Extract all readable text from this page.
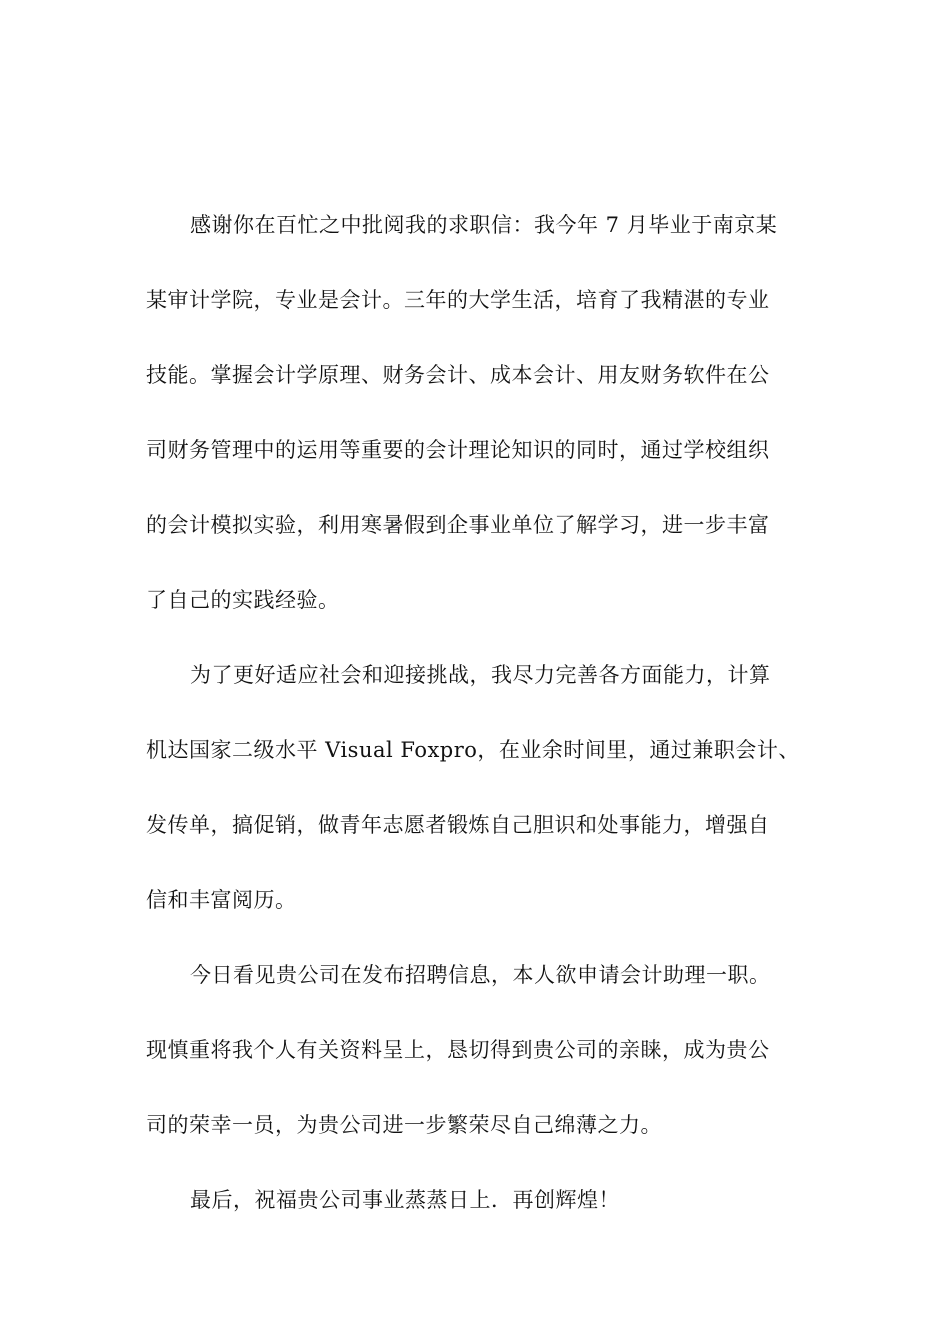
感谢你在百忙之中批阅我的求职信：我今年 7 月毕业于南京某
某审计学院，专业是会计。三年的大学生活，培育了我精湛的专业
技能。掌握会计学原理、财务会计、成本会计、用友财务软件在公
司财务管理中的运用等重要的会计理论知识的同时，通过学校组织
的会计模拟实验，利用寒暑假到企事业单位了解学习，进一步丰富
了自己的实践经验。
为了更好适应社会和迎接挑战，我尽力完善各方面能力，计算
机达国家二级水平 Visual Foxpro，在业余时间里，通过兼职会计、
发传单，搞促销，做青年志愿者锻炼自己胆识和处事能力，增强自
信和丰富阅历。
今日看见贵公司在发布招聘信息，本人欲申请会计助理一职。
现慎重将我个人有关资料呈上，恳切得到贵公司的亲睐，成为贵公
司的荣幸一员，为贵公司进一步繁荣尽自己绵薄之力。
最后，祝福贵公司事业蒸蒸日上．再创辉煌！
